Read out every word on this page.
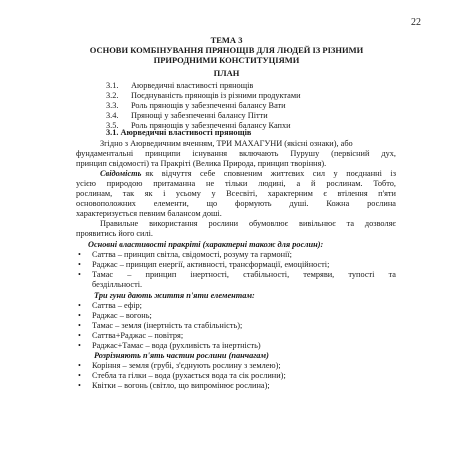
22
ТЕМА 3
ОСНОВИ КОМБІНУВАННЯ ПРЯНОЩІВ ДЛЯ ЛЮДЕЙ ІЗ РІЗНИМИ
ПРИРОДНИМИ КОНСТИТУЦІЯМИ
ПЛАН
3.1. Аюрведичні властивості прянощів
3.2. Поєднуваність прянощів із різними продуктами
3.3. Роль прянощів у забезпеченні балансу Вати
3.4. Прянощі у забезпеченні балансу Пітти
3.5. Роль прянощів у забезпеченні балансу Капхи
3.1. Аюрведичні властивості прянощів
Згідно з Аюрведичним вченням, ТРИ МАХАГУНИ (якісні ознаки), або
фундаментальні принципи існування включають Пурушу (первісний дух,
принцип свідомості) та Пракріті (Велика Природа, принцип творіння).
Свідомість як відчуття себе сповненим життєвих сил у поєднанні із
усією природою притаманна не тільки людині, а й рослинам. Тобто,
рослинам, так як і усьому у Всесвіті, характерним є втілення п'яти
основоположних елементи, що формують душі. Кожна рослина
характеризується певним балансом доші.
Правильне використання рослини обумовлює вивільнює та дозволяє
проявитись його силі.
Основні властивості пракріті (характерні також для рослин):
• Саттва – принцип світла, свідомості, розуму та гармонії;
• Раджас – принцип енергії, активності, трансформації, емоційності;
•	Тамас – принцип інертності, стабільності, темряви, тупості та
безділльності.
Три гуни дають життя п'яти елементам:
• Саттва – ефір;
• Раджас – вогонь;
• Тамас – земля (інертність та стабільність);
• Саттва+Раджас – повітря;
• Раджас+Тамас – вода (рухливість та інертність)
Розрізняють п'ять частин рослини (панчагам)
• Коріння – земля (грубі, з'єднують рослину з землею);
• Стебла та гілки – вода (рухається вода та сік рослини);
• Квітки – вогонь (світло, що випромінює рослина);
